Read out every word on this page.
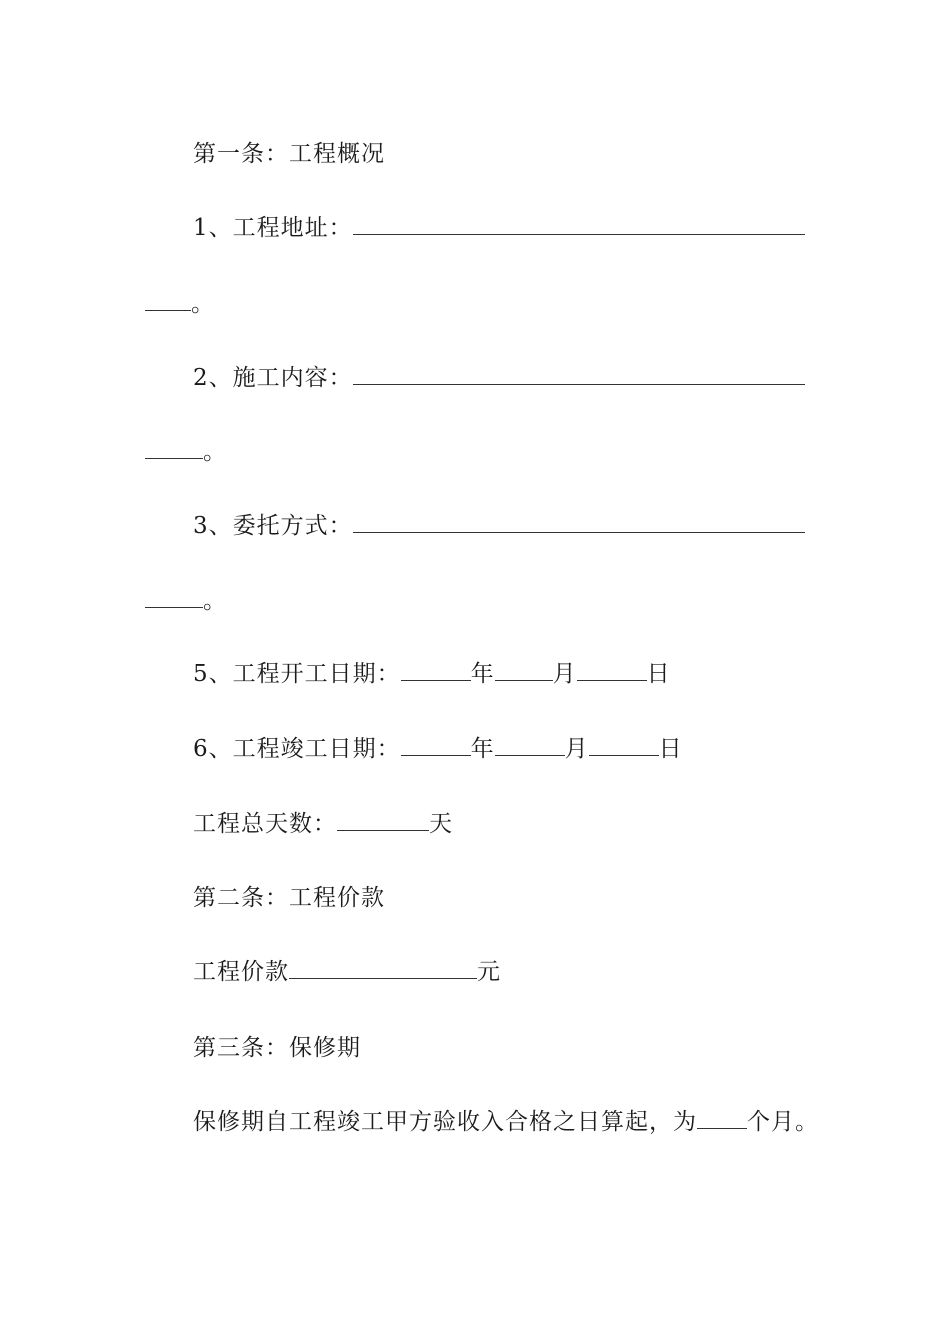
第一条：工程概况
1、工程地址：
。
2、施工内容：
。
3、委托方式：
。
5、工程开工日期：	年	月	日
6、工程竣工日期：	年	月	日
工程总天数：	天
第二条：工程价款
工程价款	元
第三条：保修期
保修期自工程竣工甲方验收入合格之日算起，为 个月。
